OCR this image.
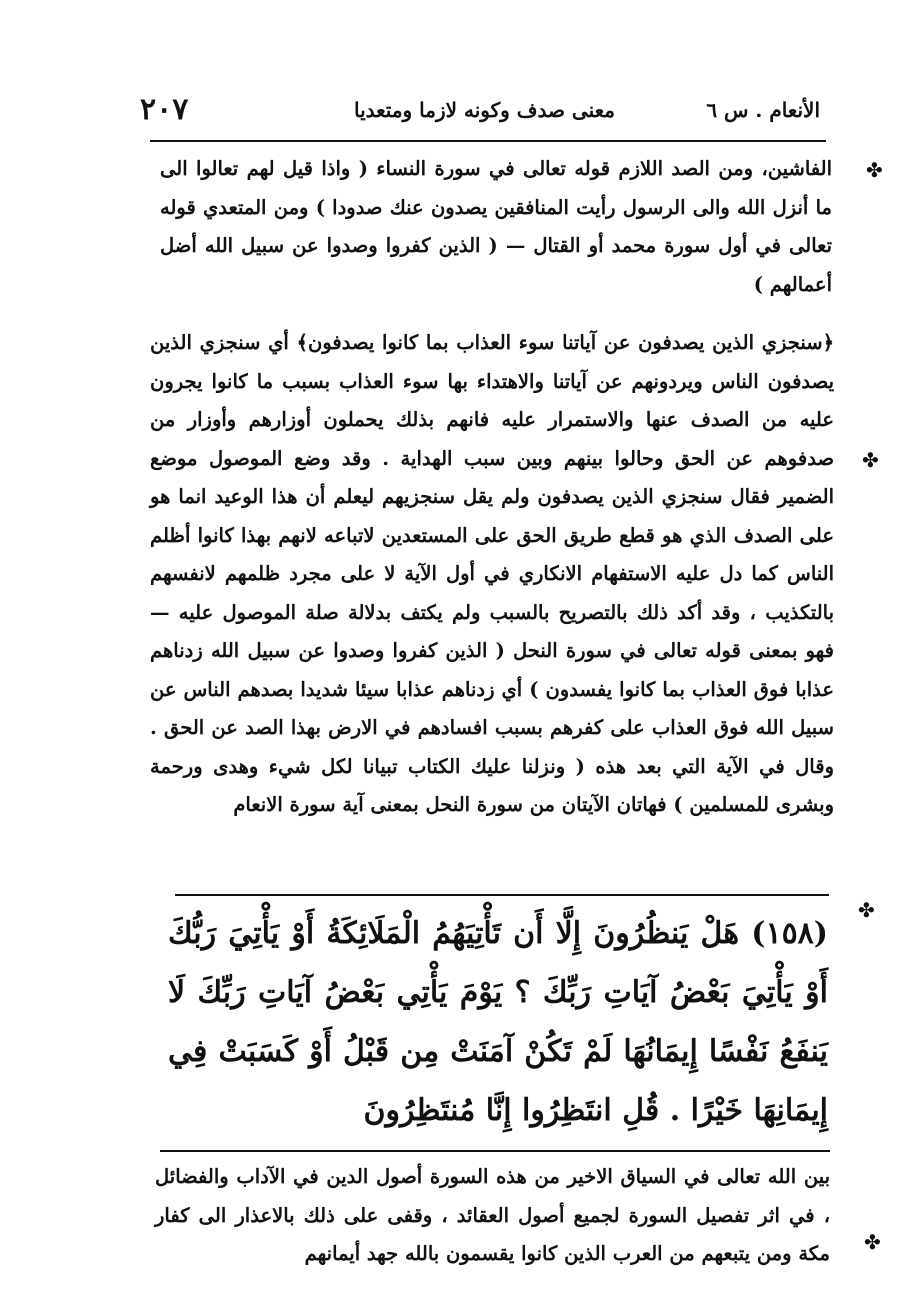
الأنعام . س ٦
معنى صدف وكونه لازما ومتعديا
٢٠٧
الفاشين، ومن الصد اللازم قوله تعالى في سورة النساء ( واذا قيل لهم تعالوا الى ما أنزل الله والى الرسول رأيت المنافقين يصدون عنك صدودا ) ومن المتعدي قوله تعالى في أول سورة محمد أو القتال — ( الذين كفروا وصدوا عن سبيل الله أضل أعمالهم )
﴿سنجزي الذين يصدفون عن آياتنا سوء العذاب بما كانوا يصدفون﴾ أي سنجزي الذين يصدفون الناس ويردونهم عن آياتنا والاهتداء بها سوء العذاب بسبب ما كانوا يجرون عليه من الصدف عنها والاستمرار عليه فانهم بذلك يحملون أوزارهم وأوزار من صدفوهم عن الحق وحالوا بينهم وبين سبب الهداية . وقد وضع الموصول موضع الضمير فقال سنجزي الذين يصدفون ولم يقل سنجزيهم ليعلم أن هذا الوعيد انما هو على الصدف الذي هو قطع طريق الحق على المستعدين لاتباعه لانهم بهذا كانوا أظلم الناس كما دل عليه الاستفهام الانكاري في أول الآية لا على مجرد ظلمهم لانفسهم بالتكذيب ، وقد أكد ذلك بالتصريح بالسبب ولم يكتف بدلالة صلة الموصول عليه — فهو بمعنى قوله تعالى في سورة النحل ( الذين كفروا وصدوا عن سبيل الله زدناهم عذابا فوق العذاب بما كانوا يفسدون ) أي زدناهم عذابا سيئا شديدا بصدهم الناس عن سبيل الله فوق العذاب على كفرهم بسبب افسادهم في الارض بهذا الصد عن الحق . وقال في الآية التي بعد هذه ( ونزلنا عليك الكتاب تبيانا لكل شيء وهدى ورحمة وبشرى للمسلمين ) فهاتان الآيتان من سورة النحل بمعنى آية سورة الانعام
(١٥٨) هَلْ يَنظُرُونَ إِلَّا أَن تَأْتِيَهُمُ الْمَلَائِكَةُ أَوْ يَأْتِيَ رَبُّكَ أَوْ يَأْتِيَ بَعْضُ آيَاتِ رَبِّكَ ؟ يَوْمَ يَأْتِي بَعْضُ آيَاتِ رَبِّكَ لَا يَنفَعُ نَفْسًا إِيمَانُهَا لَمْ تَكُنْ آمَنَتْ مِن قَبْلُ أَوْ كَسَبَتْ فِي إِيمَانِهَا خَيْرًا . قُلِ انتَظِرُوا إِنَّا مُنتَظِرُونَ
بين الله تعالى في السياق الاخير من هذه السورة أصول الدين في الآداب والفضائل ، في اثر تفصيل السورة لجميع أصول العقائد ، وقفى على ذلك بالاعذار الى كفار مكة ومن يتبعهم من العرب الذين كانوا يقسمون بالله جهد أيمانهم
✤
✤
✤
✤
